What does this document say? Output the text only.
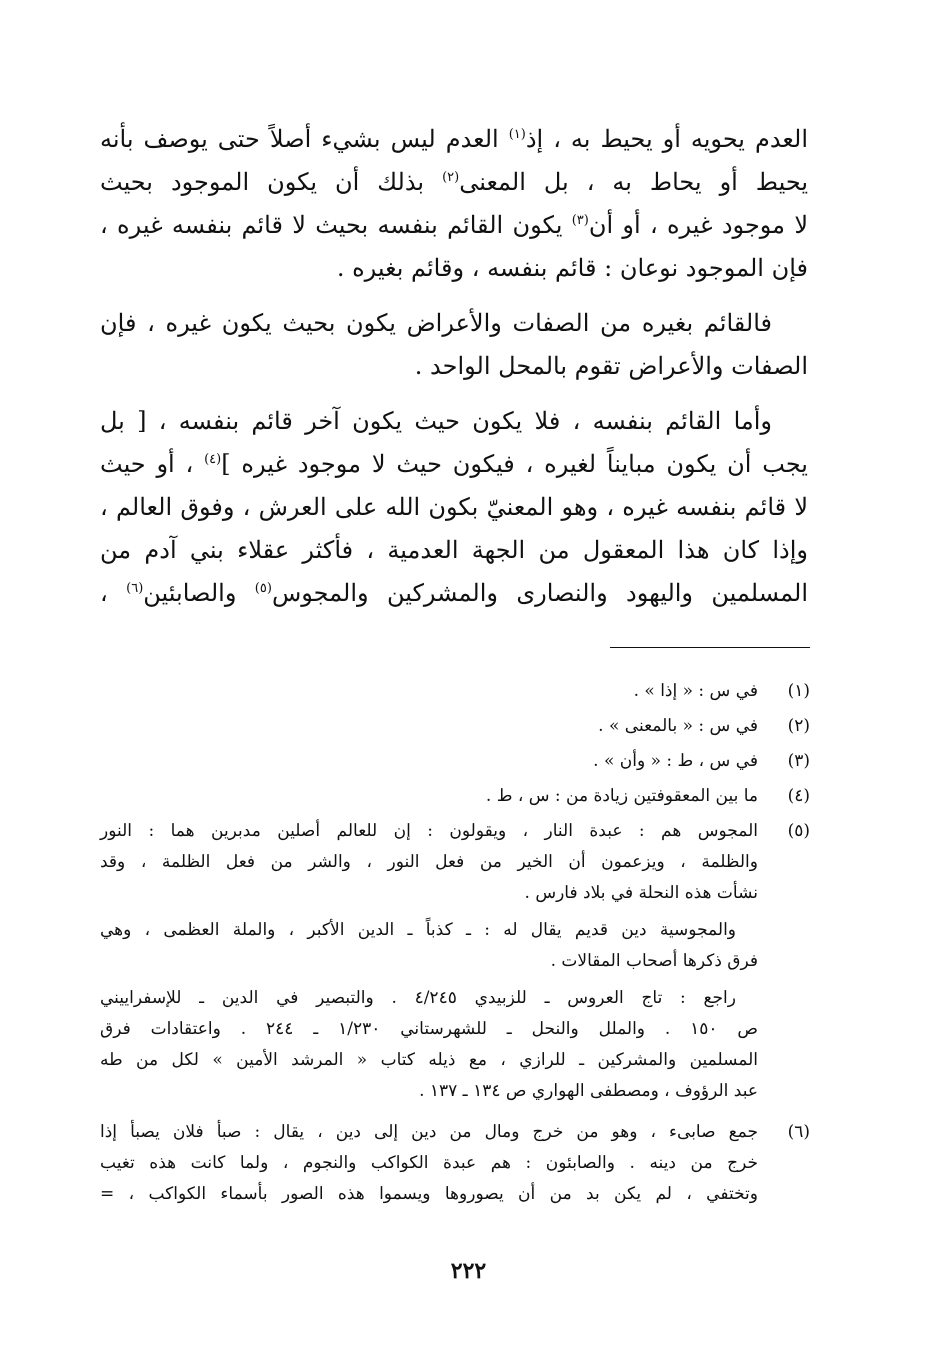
العدم يحويه أو يحيط به ، إذ$^{(١)}$ العدم ليس بشيء أصلاً حتى يوصف بأنه
يحيط أو يحاط به ، بل المعنى$^{(٢)}$ بذلك أن يكون الموجود بحيث
لا موجود غيره ، أو أن$^{(٣)}$ يكون القائم بنفسه بحيث لا قائم بنفسه غيره ،
فإن الموجود نوعان : قائم بنفسه ، وقائم بغيره .

فالقائم بغيره من الصفات والأعراض يكون بحيث يكون غيره ، فإن
الصفات والأعراض تقوم بالمحل الواحد .

وأما القائم بنفسه ، فلا يكون حيث يكون آخر قائم بنفسه ، [ بل
يجب أن يكون مبايناً لغيره ، فيكون حيث لا موجود غيره ]$^{(٤)}$ ، أو حيث
لا قائم بنفسه غيره ، وهو المعنيّ بكون الله على العرش ، وفوق العالم ،
وإذا كان هذا المعقول من الجهة العدمية ، فأكثر عقلاء بني آدم من
المسلمين واليهود والنصارى والمشركين والمجوس$^{(٥)}$ والصابئين$^{(٦)}$ ،

(١)
في س : « إذا » .
(٢)
في س : « بالمعنى » .
(٣)
في س ، ط : « وأن » .
(٤)
ما بين المعقوفتين زيادة من : س ، ط .
(٥)
المجوس هم : عبدة النار ، ويقولون : إن للعالم أصلين مدبرين هما : النور
والظلمة ، ويزعمون أن الخير من فعل النور ، والشر من فعل الظلمة ، وقد
نشأت هذه النحلة في بلاد فارس .
والمجوسية دين قديم يقال له : ـ كذباً ـ الدين الأكبر ، والملة العظمى ، وهي
فرق ذكرها أصحاب المقالات .
راجع : تاج العروس ـ للزبيدي ٤/٢٤٥ . والتبصير في الدين ـ للإسفراييني
ص ١٥٠ . والملل والنحل ـ للشهرستاني ١/٢٣٠ ـ ٢٤٤ . واعتقادات فرق
المسلمين والمشركين ـ للرازي ، مع ذيله كتاب « المرشد الأمين » لكل من طه
عبد الرؤوف ، ومصطفى الهواري ص ١٣٤ ـ ١٣٧ .
(٦)
جمع صابىء ، وهو من خرج ومال من دين إلى دين ، يقال : صبأ فلان يصبأ إذا
خرج من دينه . والصابئون : هم عبدة الكواكب والنجوم ، ولما كانت هذه تغيب
وتختفي ، لم يكن بد من أن يصوروها ويسموا هذه الصور بأسماء الكواكب ، =
٢٢٢
